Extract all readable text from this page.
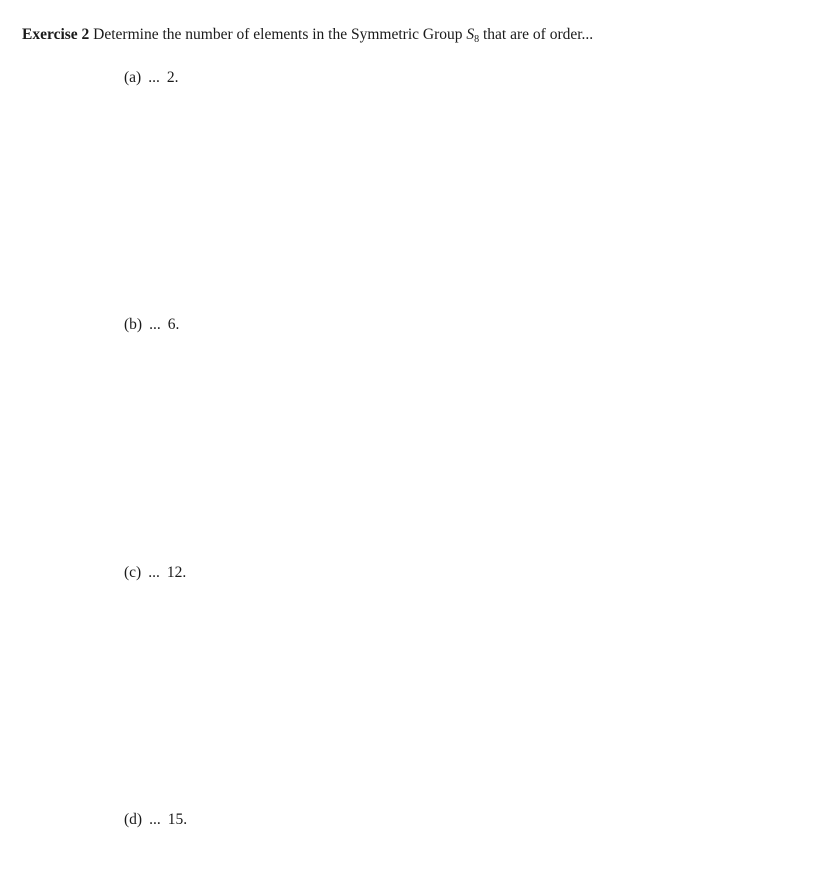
Exercise 2 Determine the number of elements in the Symmetric Group $S_8$ that are of order...
(a) ... 2.
(b) ... 6.
(c) ... 12.
(d) ... 15.
